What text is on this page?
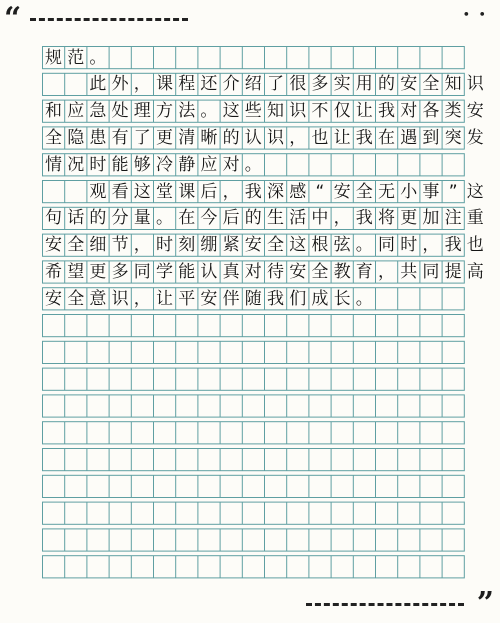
“	• •
规 范 。
此 外 ， 课 程 还 介 绍 了 很 多 实 用 的 安 全 知 识
和 应 急 处 理 方 法 。 这 些 知 识 不 仅 让 我 对 各 类 安
全 隐 患 有 了 更 清 晰 的 认 识 ， 也 让 我 在 遇 到 突 发
情 况 时 能 够 冷 静 应 对 。
观 看 这 堂 课 后 ， 我 深 感 “ 安 全 无 小 事 ” 这
句 话 的 分 量 。 在 今 后 的 生 活 中 ， 我 将 更 加 注 重
安 全 细 节 ， 时 刻 绷 紧 安 全 这 根 弦 。 同 时 ， 我 也
希 望 更 多 同 学 能 认 真 对 待 安 全 教 育 ， 共 同 提 高
安 全 意 识 ， 让 平 安 伴 随 我 们 成 长 。
”
